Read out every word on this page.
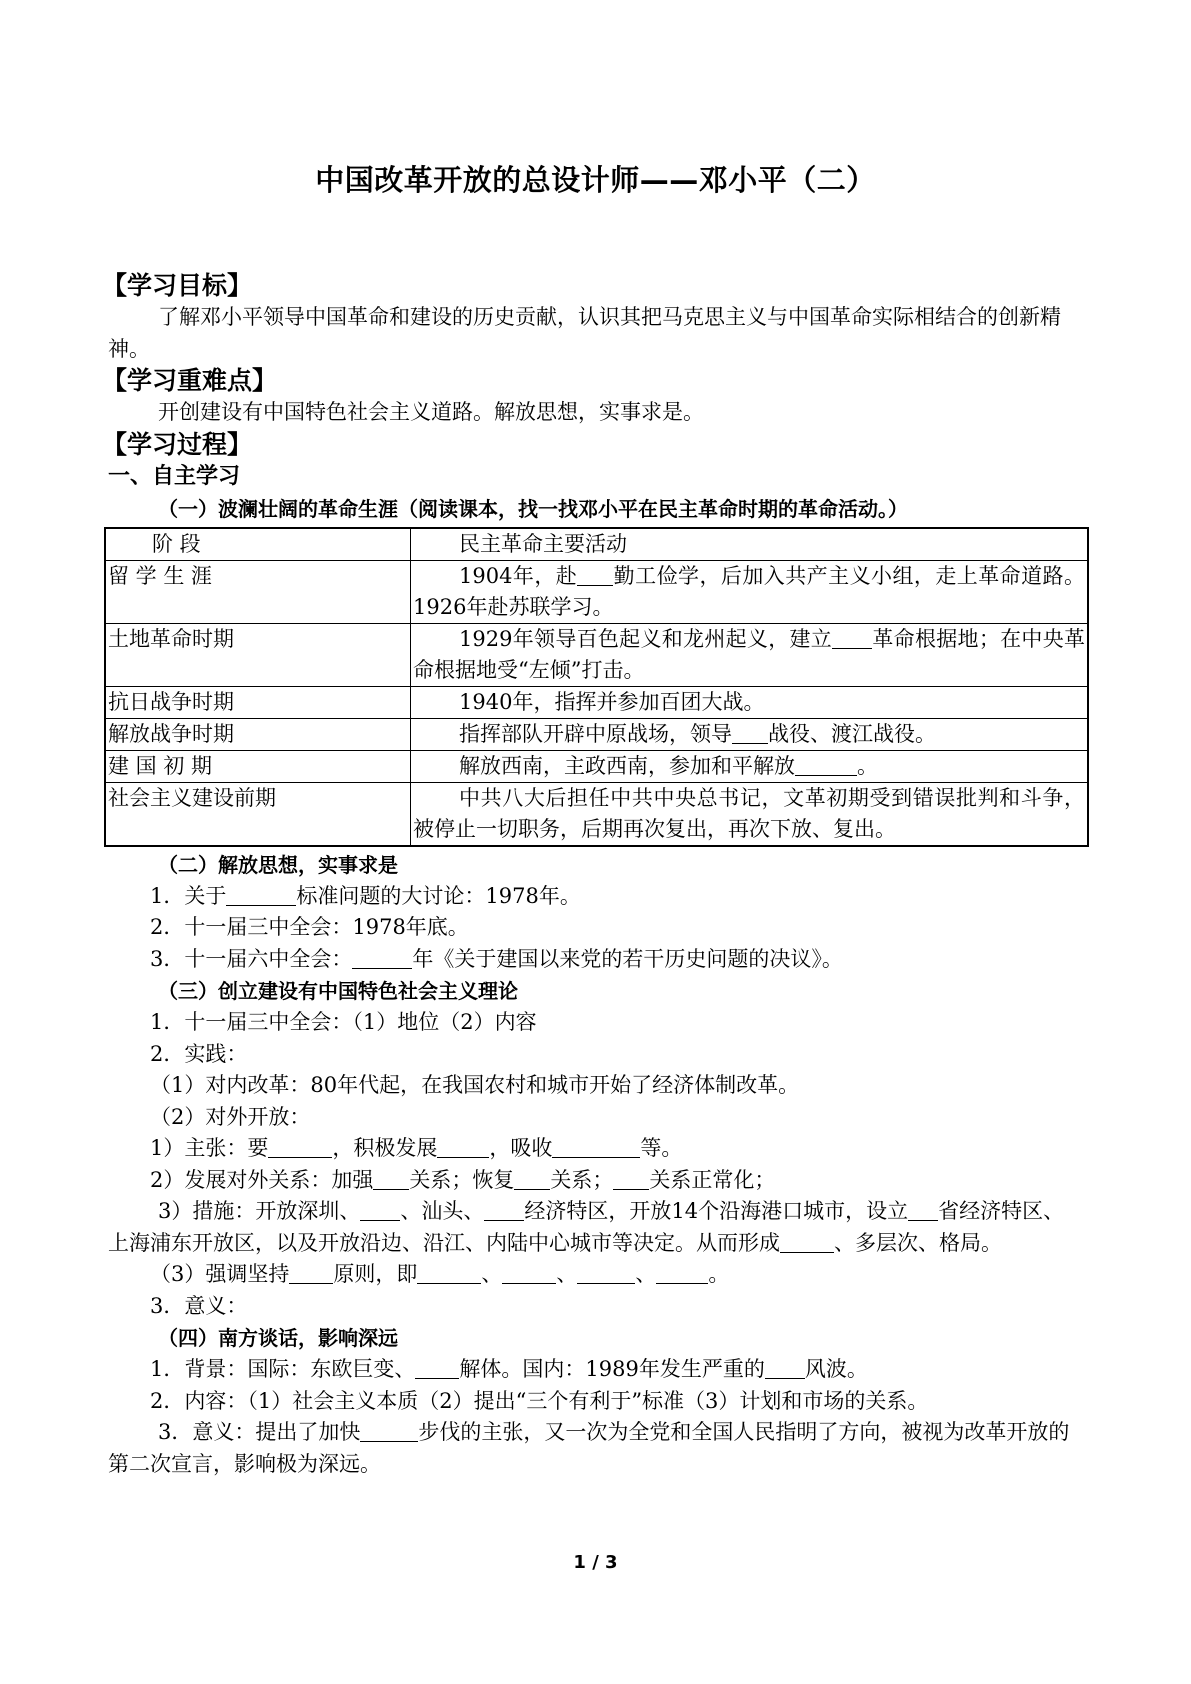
中国改革开放的总设计师——邓小平（二）
【学习目标】
了解邓小平领导中国革命和建设的历史贡献，认识其把马克思主义与中国革命实际相结合的创新精神。
【学习重难点】
开创建设有中国特色社会主义道路。解放思想，实事求是。
【学习过程】
一、自主学习
（一）波澜壮阔的革命生涯（阅读课本，找一找邓小平在民主革命时期的革命活动。）
阶 段	民主革命主要活动
留 学 生 涯	1904年，赴 勤工俭学，后加入共产主义小组，走上革命道路。1926年赴苏联学习。
土地革命时期	1929年领导百色起义和龙州起义，建立 革命根据地；在中央革命根据地受“左倾”打击。
抗日战争时期	1940年，指挥并参加百团大战。
解放战争时期	指挥部队开辟中原战场，领导 战役、渡江战役。
建 国 初 期	解放西南，主政西南，参加和平解放 。
社会主义建设前期	中共八大后担任中共中央总书记，文革初期受到错误批判和斗争，被停止一切职务，后期再次复出，再次下放、复出。
（二）解放思想，实事求是
1．关于	标准问题的大讨论：1978年。
2．十一届三中全会：1978年底。
3．十一届六中全会：	年《关于建国以来党的若干历史问题的决议》。
（三）创立建设有中国特色社会主义理论
1．十一届三中全会：（1）地位（2）内容
2．实践：
（1）对内改革：80年代起，在我国农村和城市开始了经济体制改革。
（2）对外开放：
1）主张：要	，积极发展 ，吸收	等。
2）发展对外关系：加强 关系；恢复 关系； 关系正常化；
3）措施：开放深圳、 、汕头、 经济特区，开放14个沿海港口城市，设立 省经济特区、上海浦东开放区，以及开放沿边、沿江、内陆中心城市等决定。从而形成	、多层次、格局。
（3）强调坚持 原则，即	、	、	、 。
3．意义：
（四）南方谈话，影响深远
1．背景：国际：东欧巨变、 解体。国内：1989年发生严重的 风波。
2．内容：（1）社会主义本质（2）提出“三个有利于”标准（3）计划和市场的关系。
3．意义：提出了加快	步伐的主张，又一次为全党和全国人民指明了方向，被视为改革开放的第二次宣言，影响极为深远。
1 / 3
